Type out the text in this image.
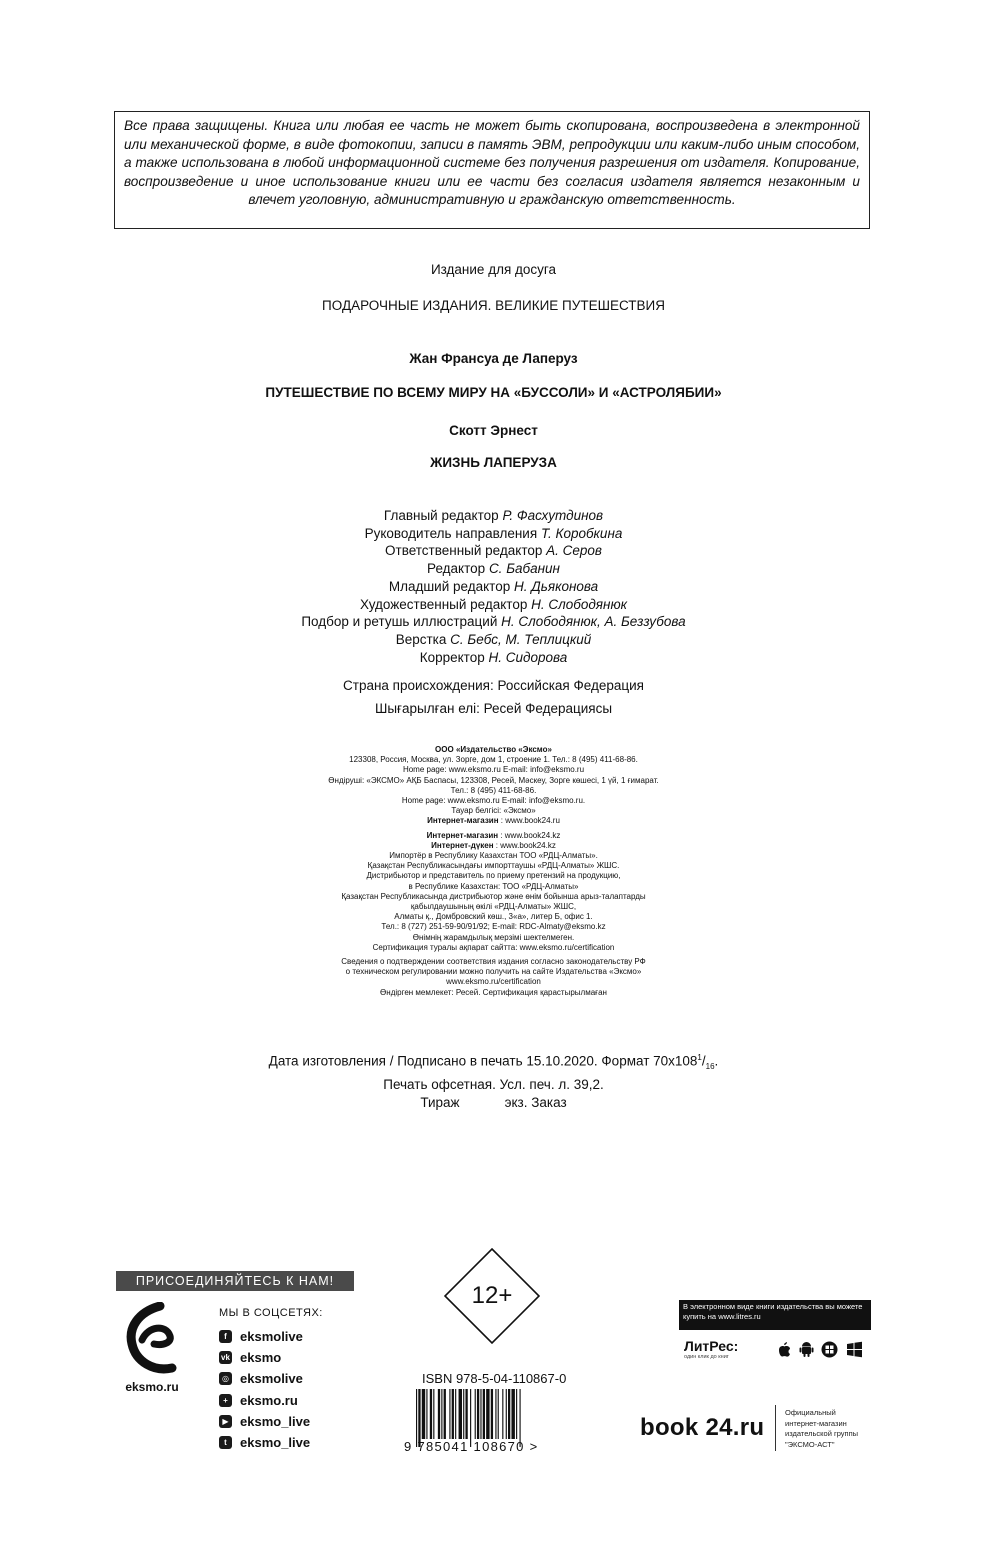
Все права защищены. Книга или любая ее часть не может быть скопирована, воспроизведена в электронной или механической форме, в виде фотокопии, записи в память ЭВМ, репродукции или каким-либо иным способом, а также использована в любой информационной системе без получения разрешения от издателя. Копирование, воспроизведение и иное использование книги или ее части без согласия издателя является незаконным и влечет уголовную, административную и гражданскую ответственность.
Издание для досуга
ПОДАРОЧНЫЕ ИЗДАНИЯ. ВЕЛИКИЕ ПУТЕШЕСТВИЯ
Жан Франсуа де Лаперуз
ПУТЕШЕСТВИЕ ПО ВСЕМУ МИРУ НА «БУССОЛИ» И «АСТРОЛЯБИИ»
Скотт Эрнест
ЖИЗНЬ ЛАПЕРУЗА
Главный редактор Р. Фасхутдинов
Руководитель направления Т. Коробкина
Ответственный редактор А. Серов
Редактор С. Бабанин
Младший редактор Н. Дьяконова
Художественный редактор Н. Слободянюк
Подбор и ретушь иллюстраций Н. Слободянюк, А. Беззубова
Верстка С. Бебс, М. Теплицкий
Корректор Н. Сидорова
Страна происхождения: Российская Федерация
Шығарылған елі: Ресей Федерациясы
ООО «Издательство «Эксмо»
123308, Россия, Москва, ул. Зорге, дом 1, строение 1. Тел.: 8 (495) 411-68-86.
Home page: www.eksmo.ru E-mail: info@eksmo.ru
Өндіруші: «ЭКСМО» АҚБ Баспасы, 123308, Ресей, Мәскеу, Зорге көшесі, 1 үй, 1 ғимарат.
Тел.: 8 (495) 411-68-86.
Home page: www.eksmo.ru E-mail: info@eksmo.ru.
Тауар белгісі: «Эксмо»
Интернет-магазин : www.book24.ru
Интернет-магазин : www.book24.kz
Интернет-дүкен : www.book24.kz
Импортёр в Республику Казахстан ТОО «РДЦ-Алматы».
Қазақстан Республикасындағы импорттаушы «РДЦ-Алматы» ЖШС.
Дистрибьютор и представитель по приему претензий на продукцию,
в Республике Казахстан: ТОО «РДЦ-Алматы»
Қазақстан Республикасында дистрибьютор және өнім бойынша арыз-талаптарды
қабылдаушының өкілі «РДЦ-Алматы» ЖШС,
Алматы қ., Домбровский көш., 3«а», литер Б, офис 1.
Тел.: 8 (727) 251-59-90/91/92; E-mail: RDC-Almaty@eksmo.kz
Өнімнің жарамдылық мерзімі шектелмеген.
Сертификация туралы ақпарат сайтта: www.eksmo.ru/certification
Сведения о подтверждении соответствия издания согласно законодательству РФ
о техническом регулировании можно получить на сайте Издательства «Эксмо»
www.eksmo.ru/certification
Өндірген мемлекет: Ресей. Сертификация қарастырылмаған
Дата изготовления / Подписано в печать 15.10.2020. Формат $70x108^1/_{16}$.
Печать офсетная. Усл. печ. л. 39,2.
Тираж	экз. Заказ
ПРИСОЕДИНЯЙТЕСЬ К НАМ!
eksmo.ru
МЫ В СОЦСЕТЯХ:
f	eksmolive
vk eksmo
◎ eksmolive
+ eksmo.ru
▶ eksmo_live
t	eksmo_live
12+
ISBN 978-5-04-110867-0
9 785041 108670 >
В электронном виде книги издательства вы можете
купить на www.litres.ru
ЛитРес:
один клик до книг
book 24.ru
Официальный
интернет-магазин
издательской группы
"ЭКСМО-АСТ"
